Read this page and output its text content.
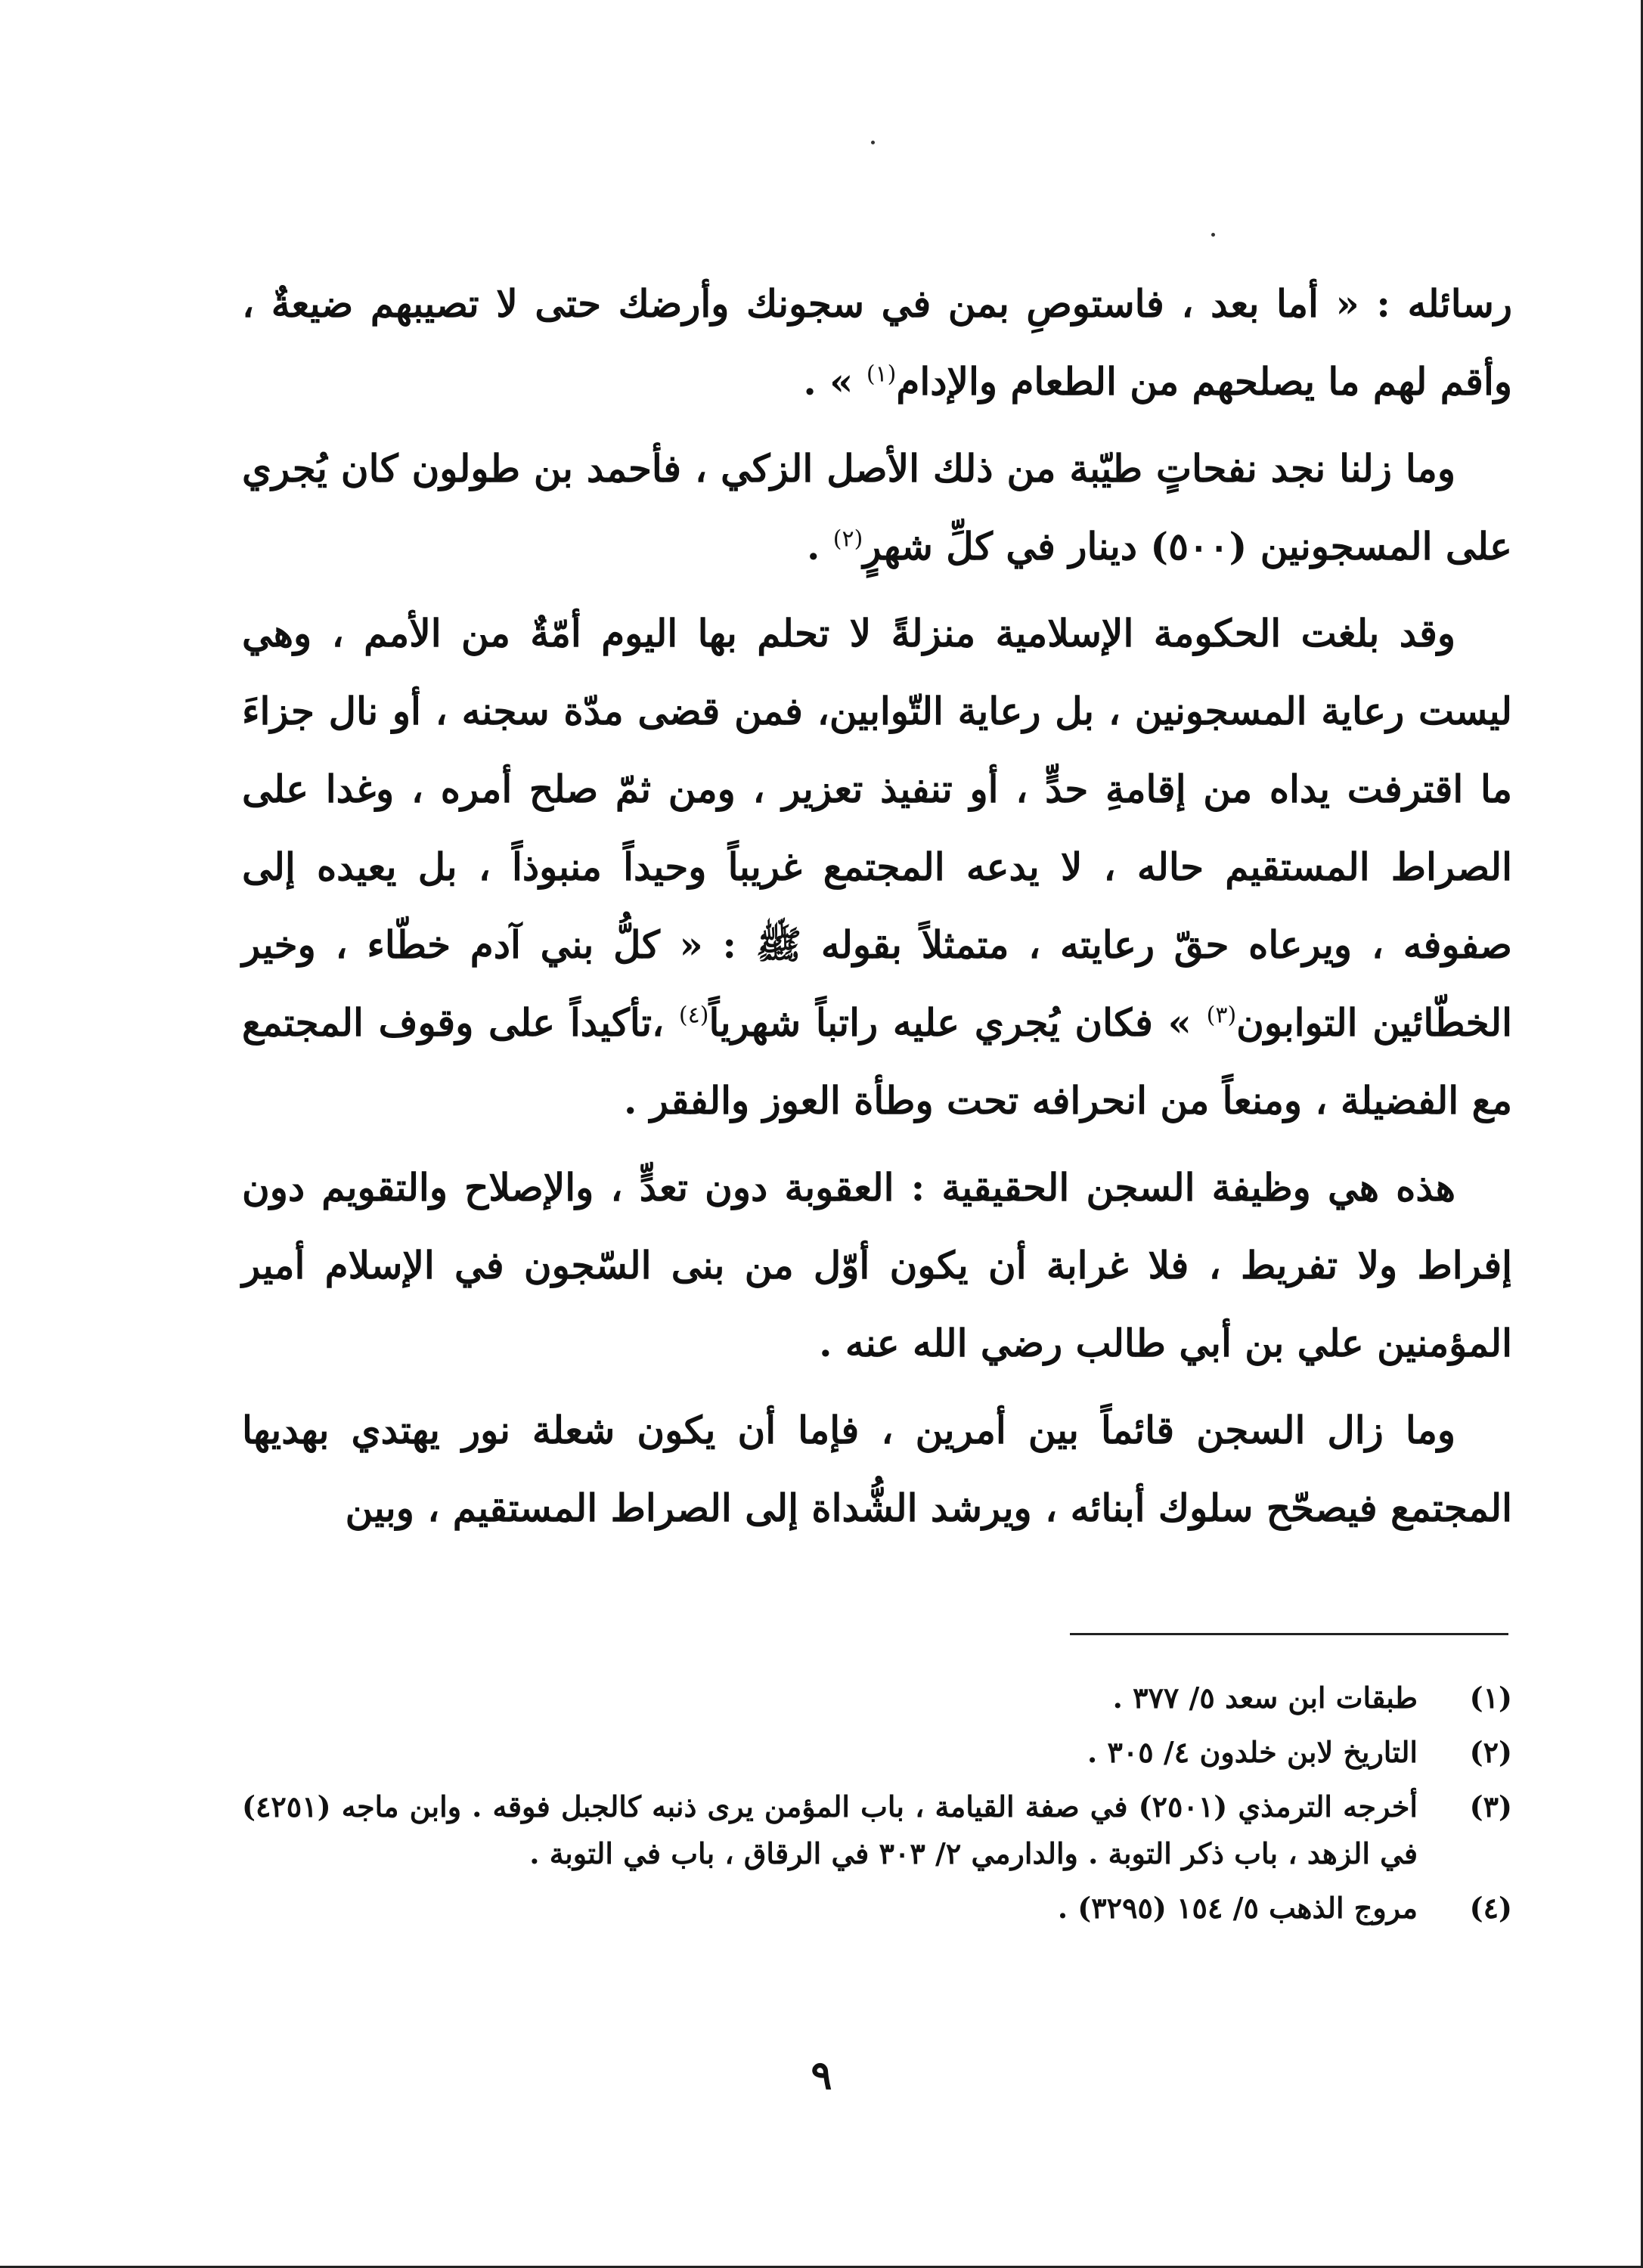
رسائله : « أما بعد ، فاستوصِ بمن في سجونك وأرضك حتى لا تصيبهم ضيعةٌ ، وأقم لهم ما يصلحهم من الطعام والإدام$^{(١)}$ » .

وما زلنا نجد نفحاتٍ طيّبة من ذلك الأصل الزكي ، فأحمد بن طولون كان يُجري على المسجونين (٥٠٠) دينار في كلِّ شهرٍ$^{(٢)}$ .

وقد بلغت الحكومة الإسلامية منزلةً لا تحلم بها اليوم أمّةٌ من الأمم ، وهي ليست رعاية المسجونين ، بل رعاية التّوابين، فمن قضى مدّة سجنه ، أو نال جزاءَ ما اقترفت يداه من إقامةِ حدٍّ ، أو تنفيذ تعزير ، ومن ثمّ صلح أمره ، وغدا على الصراط المستقيم حاله ، لا يدعه المجتمع غريباً وحيداً منبوذاً ، بل يعيده إلى صفوفه ، ويرعاه حقّ رعايته ، متمثلاً بقوله ﷺ : « كلُّ بني آدم خطّاء ، وخير الخطّائين التوابون$^{(٣)}$ » فكان يُجري عليه راتباً شهرياً$^{(٤)}$ ،تأكيداً على وقوف المجتمع مع الفضيلة ، ومنعاً من انحرافه تحت وطأة العوز والفقر .

هذه هي وظيفة السجن الحقيقية : العقوبة دون تعدٍّ ، والإصلاح والتقويم دون إفراط ولا تفريط ، فلا غرابة أن يكون أوّل من بنى السّجون في الإسلام أمير المؤمنين علي بن أبي طالب رضي الله عنه .

وما زال السجن قائماً بين أمرين ، فإما أن يكون شعلة نور يهتدي بهديها المجتمع فيصحّح سلوك أبنائه ، ويرشد الشُّداة إلى الصراط المستقيم ، وبين

(١)
طبقات ابن سعد ٥/ ٣٧٧ .
(٢)
التاريخ لابن خلدون ٤/ ٣٠٥ .
(٣)
أخرجه الترمذي (٢٥٠١) في صفة القيامة ، باب المؤمن يرى ذنبه كالجبل فوقه . وابن ماجه (٤٢٥١) في الزهد ، باب ذكر التوبة . والدارمي ٢/ ٣٠٣ في الرقاق ، باب في التوبة .
(٤)
مروج الذهب ٥/ ١٥٤ (٣٢٩٥) .
٩
